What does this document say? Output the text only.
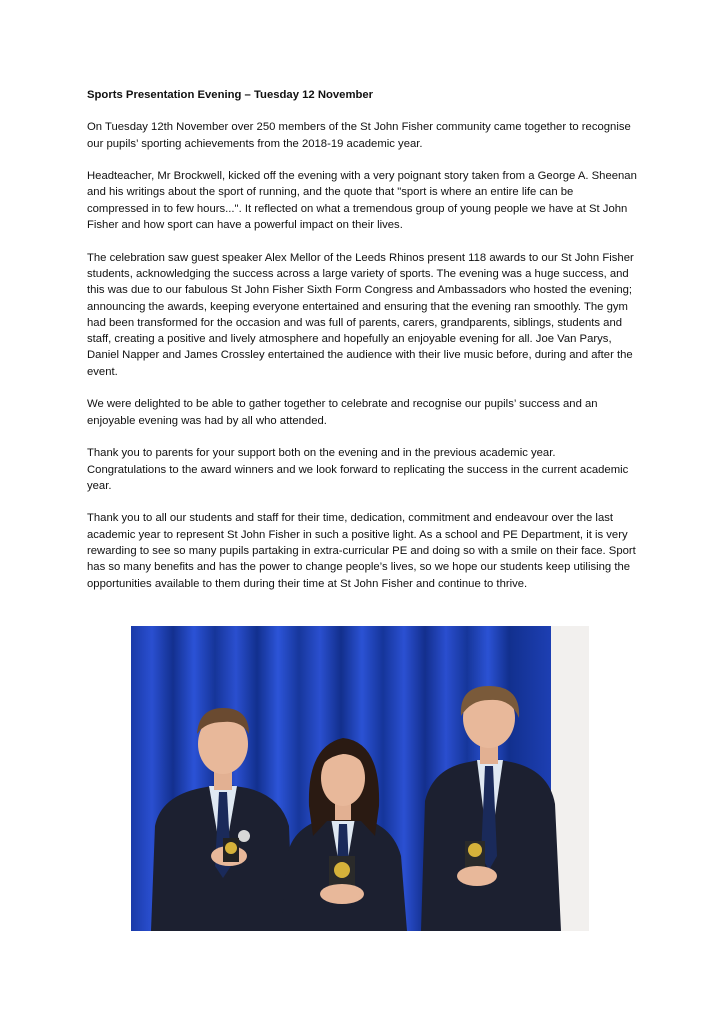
Sports Presentation Evening – Tuesday 12 November

On Tuesday 12th November over 250 members of the St John Fisher community came together to recognise our pupils’ sporting achievements from the 2018-19 academic year.

Headteacher, Mr Brockwell, kicked off the evening with a very poignant story taken from a George A. Sheenan and his writings about the sport of running, and the quote that "sport is where an entire life can be compressed in to few hours...". It reflected on what a tremendous group of young people we have at St John Fisher and how sport can have a powerful impact on their lives.

The celebration saw guest speaker Alex Mellor of the Leeds Rhinos present 118 awards to our St John Fisher students, acknowledging the success across a large variety of sports. The evening was a huge success, and this was due to our fabulous St John Fisher Sixth Form Congress and Ambassadors who hosted the evening; announcing the awards, keeping everyone entertained and ensuring that the evening ran smoothly. The gym had been transformed for the occasion and was full of parents, carers, grandparents, siblings, students and staff, creating a positive and lively atmosphere and hopefully an enjoyable evening for all. Joe Van Parys, Daniel Napper and James Crossley entertained the audience with their live music before, during and after the event.

We were delighted to be able to gather together to celebrate and recognise our pupils’ success and an enjoyable evening was had by all who attended.

Thank you to parents for your support both on the evening and in the previous academic year. Congratulations to the award winners and we look forward to replicating the success in the current academic year.

Thank you to all our students and staff for their time, dedication, commitment and endeavour over the last academic year to represent St John Fisher in such a positive light. As a school and PE Department, it is very rewarding to see so many pupils partaking in extra-curricular PE and doing so with a smile on their face. Sport has so many benefits and has the power to change people’s lives, so we hope our students keep utilising the opportunities available to them during their time at St John Fisher and continue to thrive.
